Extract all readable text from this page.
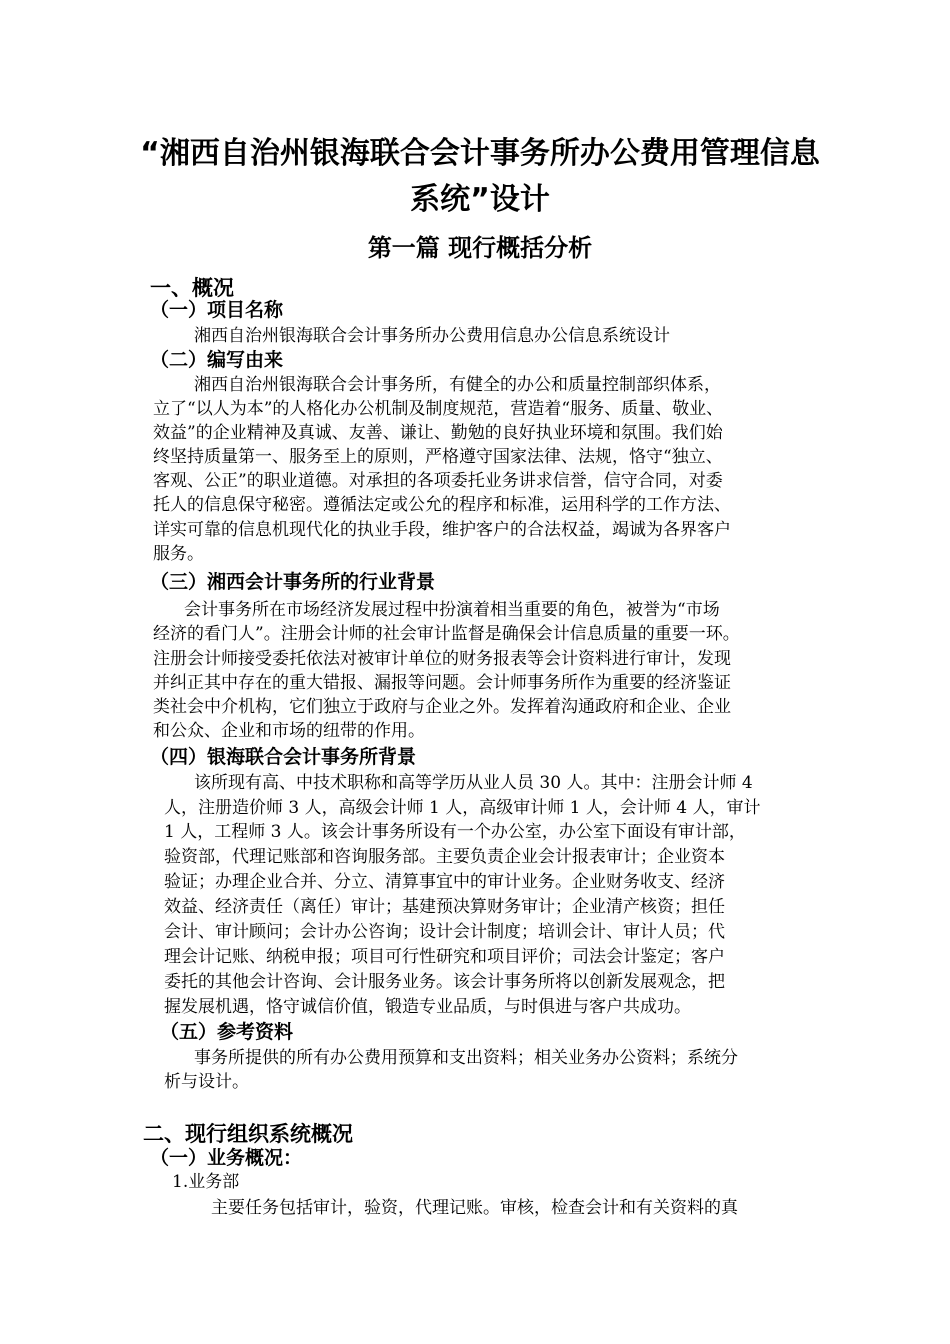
“湘西自治州银海联合会计事务所办公费用管理信息
系统”设计
第一篇 现行概括分析
一、概况
（一）项目名称
湘西自治州银海联合会计事务所办公费用信息办公信息系统设计
（二）编写由来
湘西自治州银海联合会计事务所，有健全的办公和质量控制部织体系，
立了“以人为本”的人格化办公机制及制度规范，营造着“服务、质量、敬业、
效益”的企业精神及真诚、友善、谦让、勤勉的良好执业环境和氛围。我们始
终坚持质量第一、服务至上的原则，严格遵守国家法律、法规，恪守“独立、
客观、公正”的职业道德。对承担的各项委托业务讲求信誉，信守合同，对委
托人的信息保守秘密。遵循法定或公允的程序和标准，运用科学的工作方法、
详实可靠的信息机现代化的执业手段，维护客户的合法权益，竭诚为各界客户
服务。
（三）湘西会计事务所的行业背景
会计事务所在市场经济发展过程中扮演着相当重要的角色，被誉为“市场
经济的看门人”。注册会计师的社会审计监督是确保会计信息质量的重要一环。
注册会计师接受委托依法对被审计单位的财务报表等会计资料进行审计，发现
并纠正其中存在的重大错报、漏报等问题。会计师事务所作为重要的经济鉴证
类社会中介机构，它们独立于政府与企业之外。发挥着沟通政府和企业、企业
和公众、企业和市场的纽带的作用。
（四）银海联合会计事务所背景
该所现有高、中技术职称和高等学历从业人员 30 人。其中：注册会计师 4
人，注册造价师 3 人，高级会计师 1 人，高级审计师 1 人，会计师 4 人，审计
1 人，工程师 3 人。该会计事务所设有一个办公室，办公室下面设有审计部，
验资部，代理记账部和咨询服务部。主要负责企业会计报表审计；企业资本
验证；办理企业合并、分立、清算事宜中的审计业务。企业财务收支、经济
效益、经济责任（离任）审计；基建预决算财务审计；企业清产核资；担任
会计、审计顾问；会计办公咨询；设计会计制度；培训会计、审计人员；代
理会计记账、纳税申报；项目可行性研究和项目评价；司法会计鉴定；客户
委托的其他会计咨询、会计服务业务。该会计事务所将以创新发展观念，把
握发展机遇，恪守诚信价值，锻造专业品质，与时俱进与客户共成功。
（五）参考资料
事务所提供的所有办公费用预算和支出资料；相关业务办公资料；系统分
析与设计。
二、现行组织系统概况
（一）业务概况：
1.业务部
主要任务包括审计，验资，代理记账。审核，检查会计和有关资料的真
